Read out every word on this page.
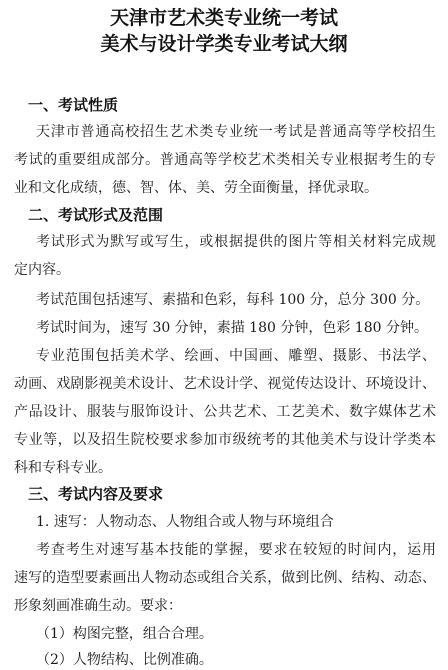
天津市艺术类专业统一考试
美术与设计学类专业考试大纲
一、考试性质
天津市普通高校招生艺术类专业统一考试是普通高等学校招生
考试的重要组成部分。普通高等学校艺术类相关专业根据考生的专
业和文化成绩，德、智、体、美、劳全面衡量，择优录取。
二、考试形式及范围
考试形式为默写或写生，或根据提供的图片等相关材料完成规
定内容。
考试范围包括速写、素描和色彩，每科 100 分，总分 300 分。
考试时间为，速写 30 分钟，素描 180 分钟，色彩 180 分钟。
专业范围包括美术学、绘画、中国画、雕塑、摄影、书法学、
动画、戏剧影视美术设计、艺术设计学、视觉传达设计、环境设计、
产品设计、服装与服饰设计、公共艺术、工艺美术、数字媒体艺术
专业等，以及招生院校要求参加市级统考的其他美术与设计学类本
科和专科专业。
三、考试内容及要求
1. 速写：人物动态、人物组合或人物与环境组合
考查考生对速写基本技能的掌握，要求在较短的时间内，运用
速写的造型要素画出人物动态或组合关系，做到比例、结构、动态、
形象刻画准确生动。要求：
（1）构图完整，组合合理。
（2）人物结构、比例准确。
